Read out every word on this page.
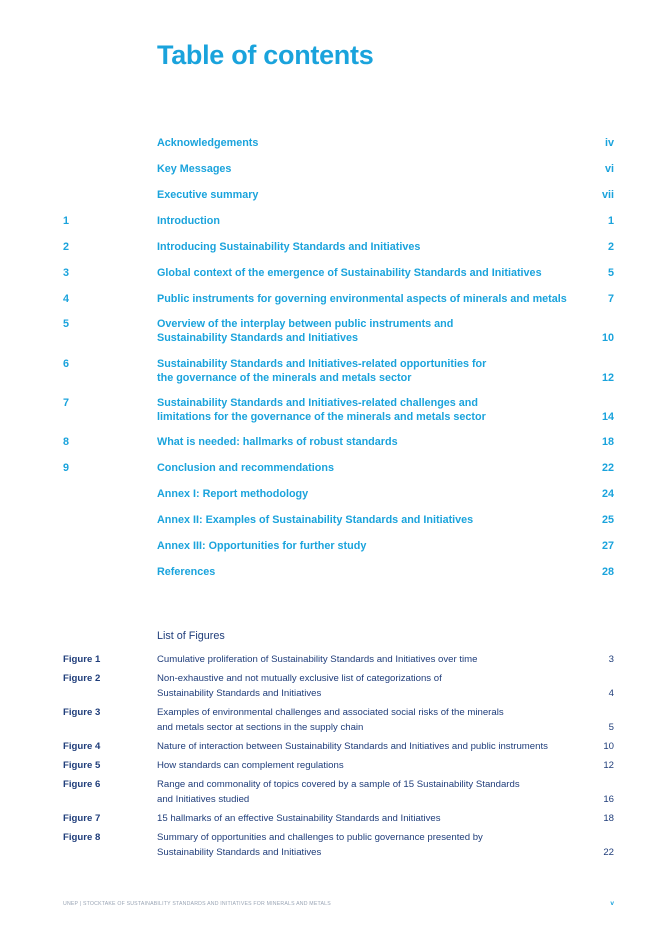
Table of contents
Acknowledgements	iv
Key Messages	vi
Executive summary	vii
1	Introduction	1
2	Introducing Sustainability Standards and Initiatives	2
3	Global context of the emergence of Sustainability Standards and Initiatives	5
4	Public instruments for governing environmental aspects of minerals and metals	7
5	Overview of the interplay between public instruments and Sustainability Standards and Initiatives	10
6	Sustainability Standards and Initiatives-related opportunities for the governance of the minerals and metals sector	12
7	Sustainability Standards and Initiatives-related challenges and limitations for the governance of the minerals and metals sector	14
8	What is needed: hallmarks of robust standards	18
9	Conclusion and recommendations	22
Annex I: Report methodology	24
Annex II: Examples of Sustainability Standards and Initiatives	25
Annex III: Opportunities for further study	27
References	28
List of Figures
Figure 1	Cumulative proliferation of Sustainability Standards and Initiatives over time	3
Figure 2	Non-exhaustive and not mutually exclusive list of categorizations of Sustainability Standards and Initiatives	4
Figure 3	Examples of environmental challenges and associated social risks of the minerals and metals sector at sections in the supply chain	5
Figure 4	Nature of interaction between Sustainability Standards and Initiatives and public instruments	10
Figure 5	How standards can complement regulations	12
Figure 6	Range and commonality of topics covered by a sample of 15 Sustainability Standards and Initiatives studied	16
Figure 7	15 hallmarks of an effective Sustainability Standards and Initiatives	18
Figure 8	Summary of opportunities and challenges to public governance presented by Sustainability Standards and Initiatives	22
UNEP | STOCKTAKE OF SUSTAINABILITY STANDARDS AND INITIATIVES FOR MINERALS AND METALS	v
